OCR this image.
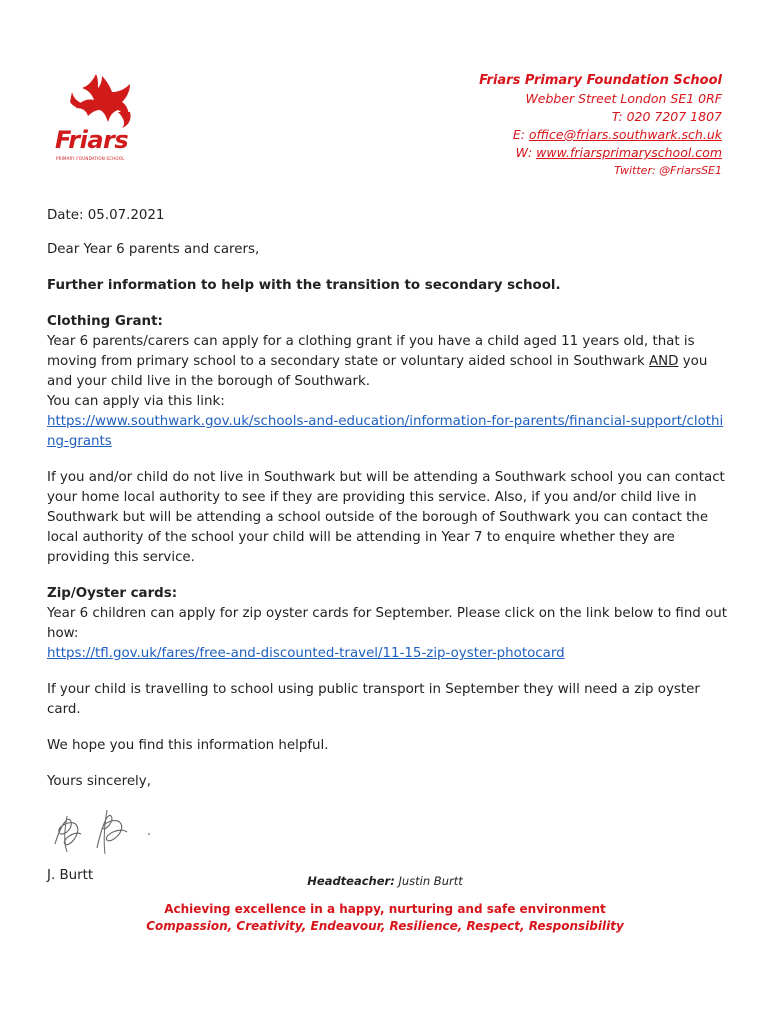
Friars
PRIMARY FOUNDATION SCHOOL
Friars Primary Foundation School
Webber Street London SE1 0RF
T: 020 7207 1807
E: office@friars.southwark.sch.uk
W: www.friarsprimaryschool.com
Twitter: @FriarsSE1

Date: 05.07.2021

Dear Year 6 parents and carers,

Further information to help with the transition to secondary school.

Clothing Grant:

Year 6 parents/carers can apply for a clothing grant if you have a child aged 11 years old, that is moving from primary school to a secondary state or voluntary aided school in Southwark AND you and your child live in the borough of Southwark.

You can apply via this link:

https://www.southwark.gov.uk/schools-and-education/information-for-parents/financial-support/clothing-grants

If you and/or child do not live in Southwark but will be attending a Southwark school you can contact your home local authority to see if they are providing this service. Also, if you and/or child live in Southwark but will be attending a school outside of the borough of Southwark you can contact the local authority of the school your child will be attending in Year 7 to enquire whether they are providing this service.

Zip/Oyster cards:

Year 6 children can apply for zip oyster cards for September. Please click on the link below to find out how:

https://tfl.gov.uk/fares/free-and-discounted-travel/11-15-zip-oyster-photocard

If your child is travelling to school using public transport in September they will need a zip oyster card.

We hope you find this information helpful.

Yours sincerely,

J. Burtt	Headteacher: Justin Burtt
Achieving excellence in a happy, nurturing and safe environment
Compassion, Creativity, Endeavour, Resilience, Respect, Responsibility
